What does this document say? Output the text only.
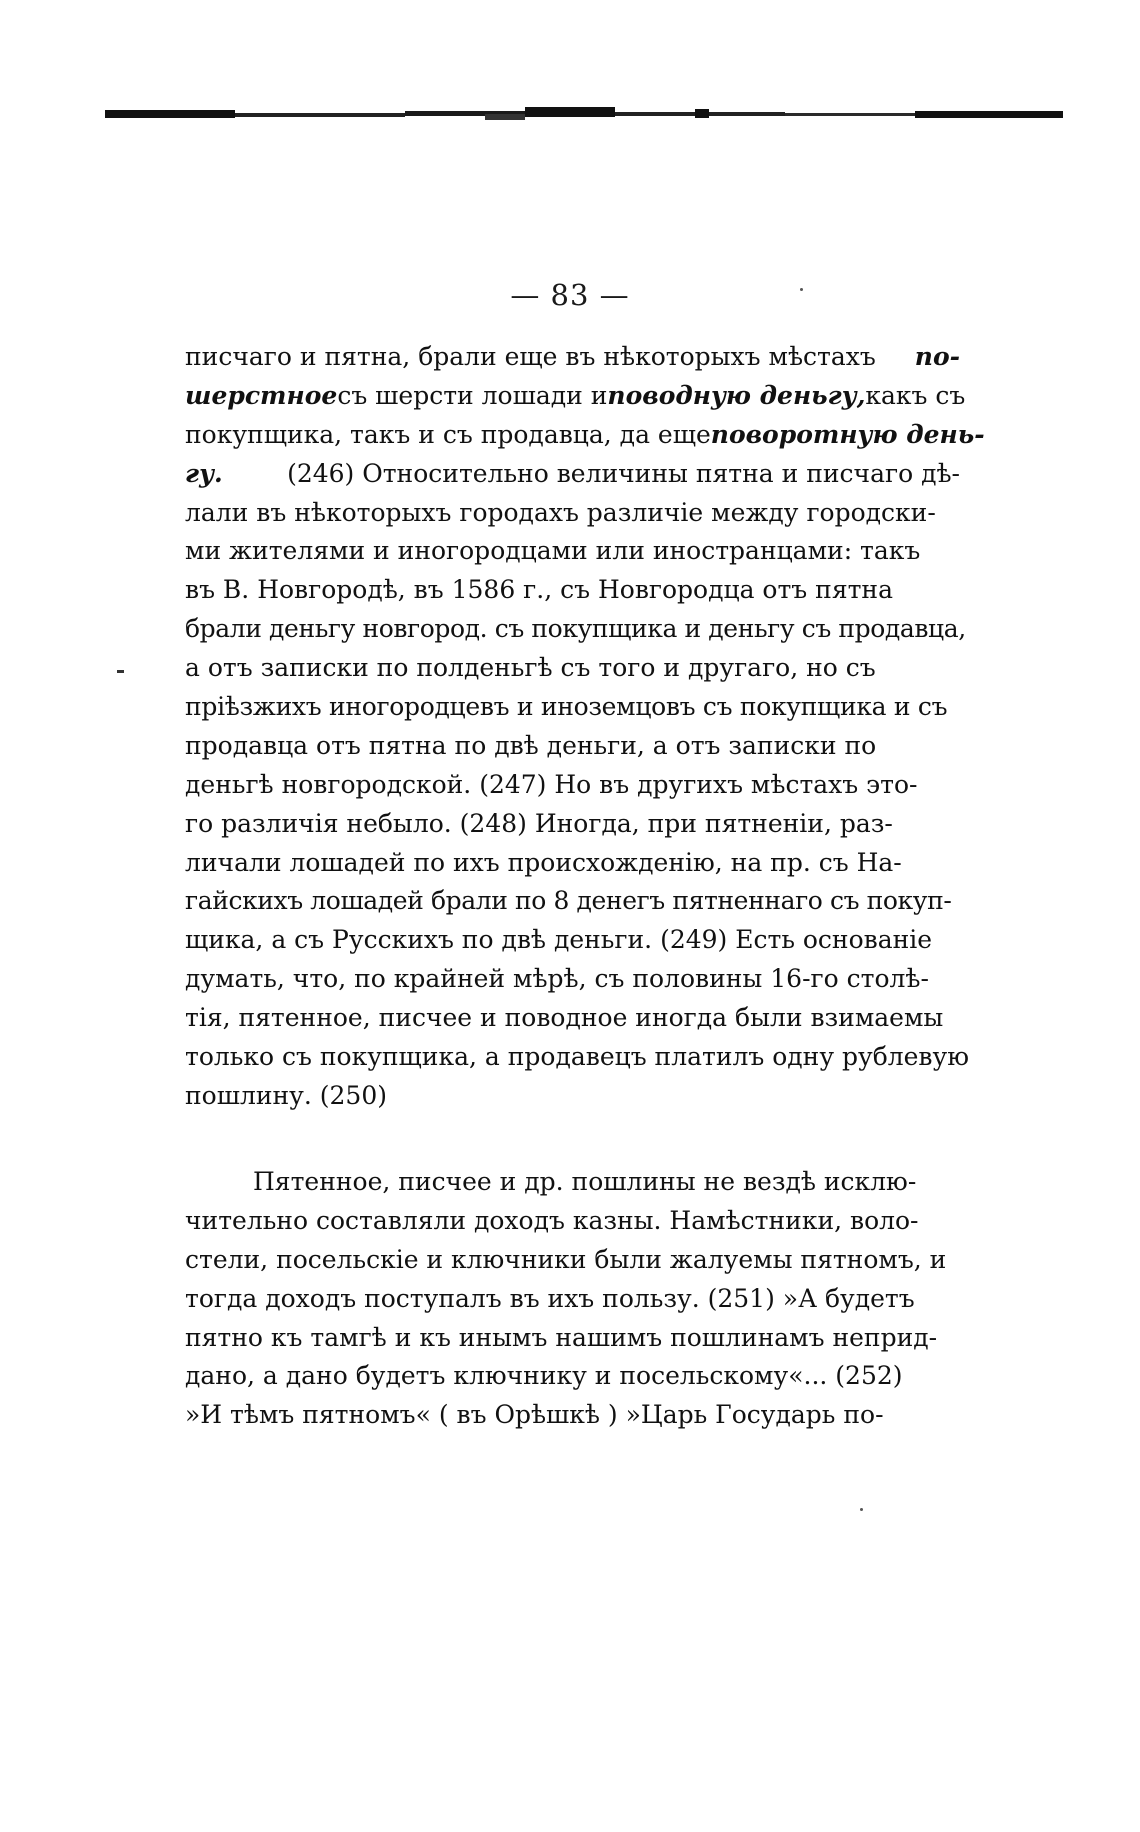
— 83 —
писчаго и пятна, брали еще въ нѣкоторыхъ мѣстахъ по-
шерстное съ шерсти лошади и поводную деньгу, какъ съ
покупщика, такъ и съ продавца, да еще поворотную день-
гу.	(246) Относительно величины пятна и писчаго дѣ-
лали въ нѣкоторыхъ городахъ различіе между городски-
ми жителями и иногородцами или иностранцами: такъ
въ В. Новгородѣ, въ 1586 г., съ Новгородца отъ пятна
брали деньгу новгород. съ покупщика и деньгу съ продавца,
а отъ записки по полденьгѣ съ того и другаго, но съ
пріѣзжихъ иногородцевъ и иноземцовъ съ покупщика и съ
продавца отъ пятна по двѣ деньги, а отъ записки по
деньгѣ новгородской. (247) Но въ другихъ мѣстахъ это-
го различія небыло. (248) Иногда, при пятненіи, раз-
личали лошадей по ихъ происхожденію, на пр. съ На-
гайскихъ лошадей брали по 8 денегъ пятненнаго съ покуп-
щика, а съ Русскихъ по двѣ деньги. (249) Есть основаніе
думать, что, по крайней мѣрѣ, съ половины 16-го столѣ-
тія, пятенное, писчее и поводное иногда были взимаемы
только съ покупщика, а продавецъ платилъ одну рублевую
пошлину. (250)
Пятенное, писчее и др. пошлины не вездѣ исклю-
чительно составляли доходъ казны. Намѣстники, воло-
стели, посельскіе и ключники были жалуемы пятномъ, и
тогда доходъ поступалъ въ ихъ пользу. (251) »А будетъ
пятно къ тамгѣ и къ инымъ нашимъ пошлинамъ неприд-
дано, а дано будетъ ключнику и посельскому«... (252)
»И тѣмъ пятномъ« ( въ Орѣшкѣ ) »Царь Государь по-
